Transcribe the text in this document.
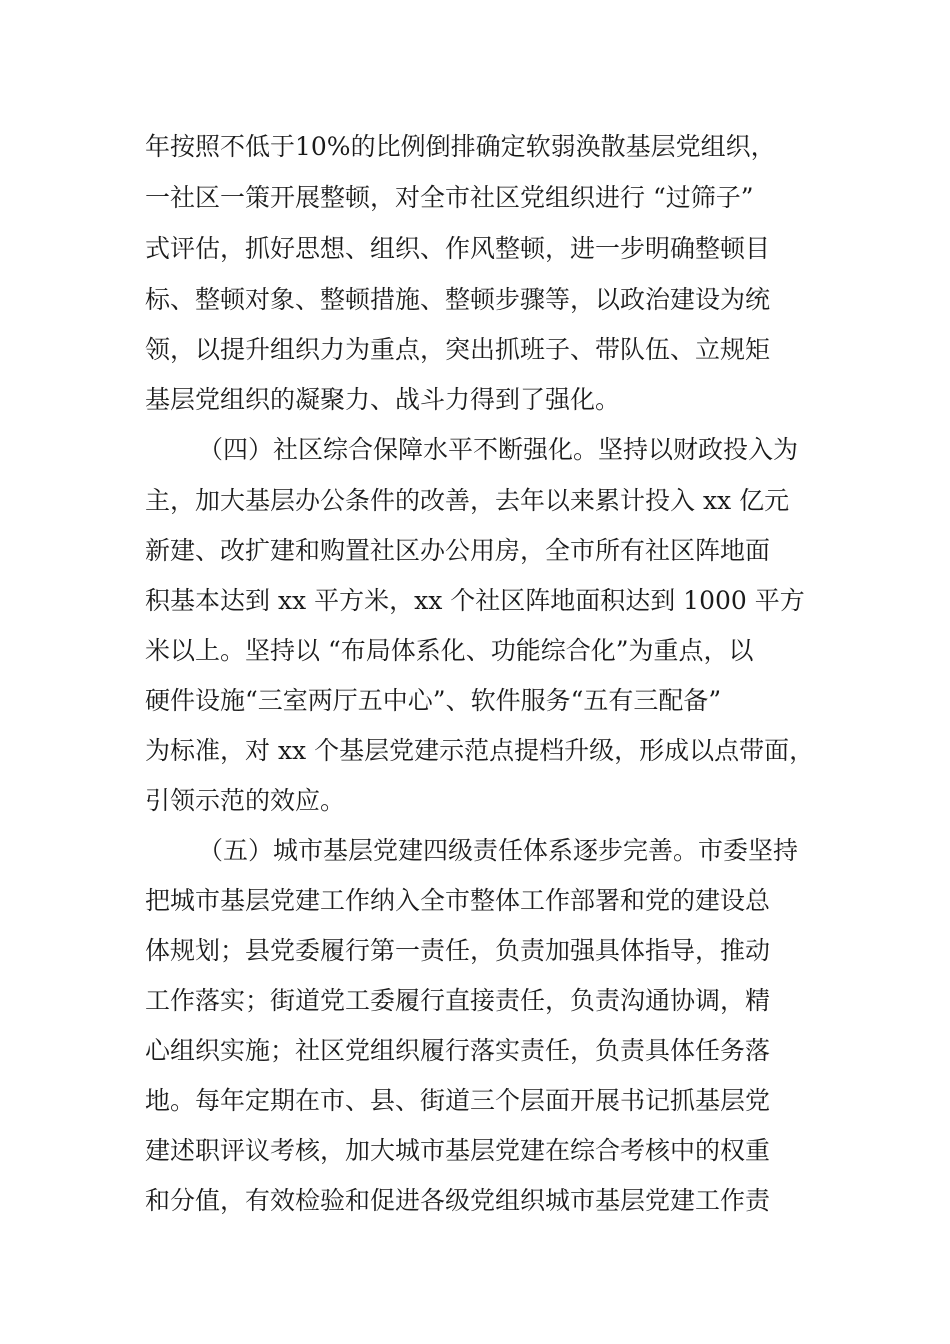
年按照不低于10%的比例倒排确定软弱涣散基层党组织，
一社区一策开展整顿，对全市社区党组织进行 “过筛子”
式评估，抓好思想、组织、作风整顿，进一步明确整顿目
标、整顿对象、整顿措施、整顿步骤等，以政治建设为统
领，以提升组织力为重点，突出抓班子、带队伍、立规矩
基层党组织的凝聚力、战斗力得到了强化。
（四）社区综合保障水平不断强化。坚持以财政投入为
主，加大基层办公条件的改善，去年以来累计投入 xx 亿元
新建、改扩建和购置社区办公用房，全市所有社区阵地面
积基本达到 xx 平方米，xx 个社区阵地面积达到 1000 平方
米以上。坚持以 “布局体系化、功能综合化”为重点，以
硬件设施“三室两厅五中心”、软件服务“五有三配备”
为标准，对 xx 个基层党建示范点提档升级，形成以点带面，
引领示范的效应。
（五）城市基层党建四级责任体系逐步完善。市委坚持
把城市基层党建工作纳入全市整体工作部署和党的建设总
体规划；县党委履行第一责任，负责加强具体指导，推动
工作落实；街道党工委履行直接责任，负责沟通协调，精
心组织实施；社区党组织履行落实责任，负责具体任务落
地。每年定期在市、县、街道三个层面开展书记抓基层党
建述职评议考核，加大城市基层党建在综合考核中的权重
和分值，有效检验和促进各级党组织城市基层党建工作责
